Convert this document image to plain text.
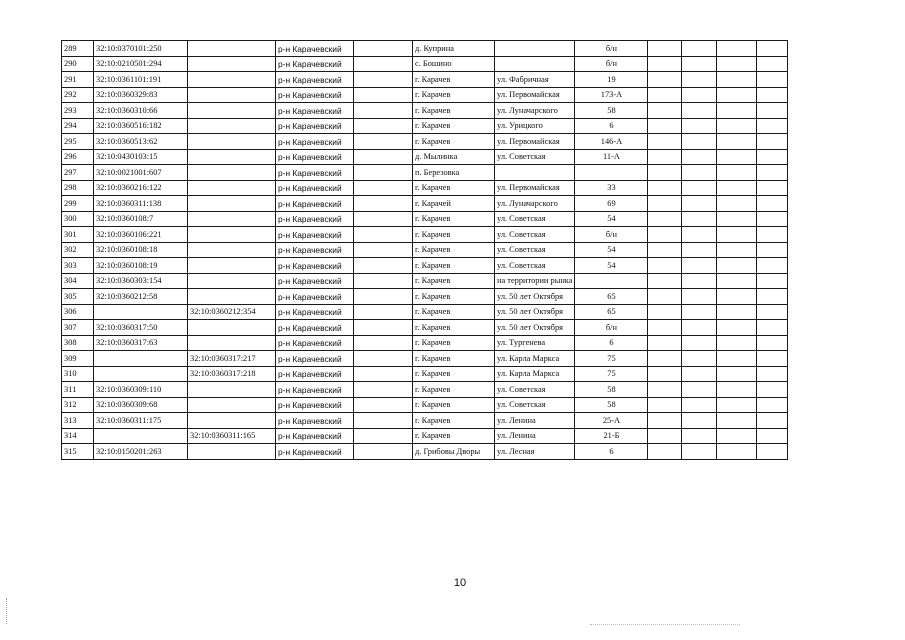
289	32:10:0370101:250		р-н Карачевский		д. Куприна		б/н				
290	32:10:0210501:294		р-н Карачевский		с. Бошино		б/н				
291	32:10:0361101:191		р-н Карачевский		г. Карачев	ул. Фабричная	19				
292	32:10:0360329:83		р-н Карачевский		г. Карачев	ул. Первомайская	173-А				
293	32:10:0360310:66		р-н Карачевский		г. Карачев	ул. Луначарского	58				
294	32:10:0360516:182		р-н Карачевский		г. Карачев	ул. Урицкого	6				
295	32:10:0360513:62		р-н Карачевский		г. Карачев	ул. Первомайская	146-А				
296	32:10:0430103:15		р-н Карачевский		д. Мылинка	ул. Советская	11-А				
297	32:10:0021001:607		р-н Карачевский		п. Березовка						
298	32:10:0360216:122		р-н Карачевский		г. Карачев	ул. Первомайская	33				
299	32:10:0360311:138		р-н Карачевский		г. Карачей	ул. Луначарского	69				
300	32:10:0360108:7		р-н Карачевский		г. Карачев	ул. Советская	54				
301	32:10:0360106:221		р-н Карачевский		г. Карачев	ул. Советская	б/н				
302	32:10:0360108:18		р-н Карачевский		г. Карачев	ул. Советская	54				
303	32:10:0360108:19		р-н Карачевский		г. Карачев	ул. Советская	54				
304	32:10:0360303:154		р-н Карачевский		г. Карачев	на территории рынка					
305	32:10:0360212:58		р-н Карачевский		г. Карачев	ул. 50 лет Октября	65				
306		32:10:0360212:354	р-н Карачевский		г. Карачев	ул. 50 лет Октября	65				
307	32:10:0360317:50		р-н Карачевский		г. Карачев	ул. 50 лет Октября	б/н				
308	32:10:0360317:63		р-н Карачевский		г. Карачев	ул. Тургенева	6				
309		32:10:0360317:217	р-н Карачевский		г. Карачев	ул. Карла Маркса	75				
310		32:10:0360317:218	р-н Карачевский		г. Карачев	ул. Карла Маркса	75				
311	32:10:0360309:110		р-н Карачевский		г. Карачев	ул. Советская	58				
312	32:10:0360309:68		р-н Карачевский		г. Карачев	ул. Советская	58				
313	32:10:0360311:175		р-н Карачевский		г. Карачев	ул. Ленина	25-А				
314		32:10:0360311:165	р-н Карачевский		г. Карачев	ул. Ленина	21-Б				
315	32:10:0150201:263		р-н Карачевский		д. Грибовы Дворы	ул. Лесная	6				
10
